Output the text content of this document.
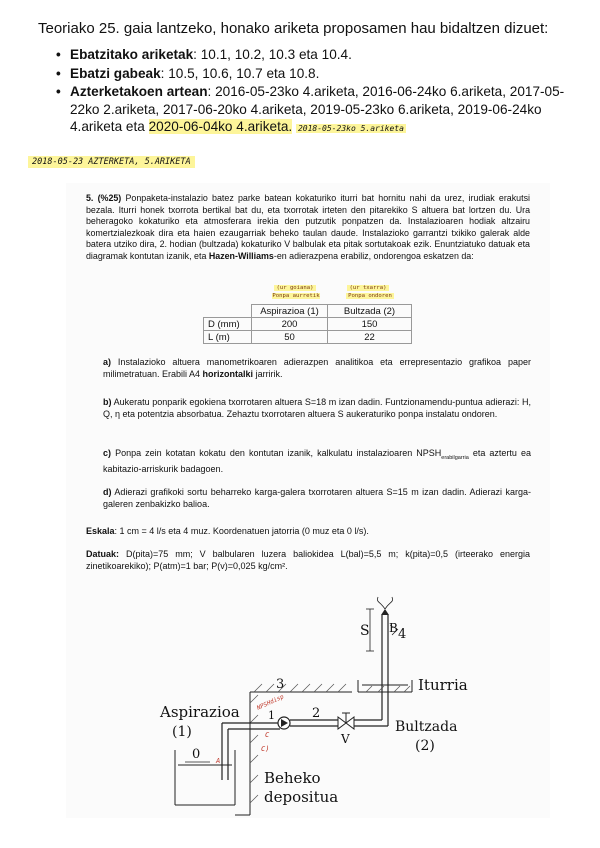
Teoriako 25. gaia lantzeko, honako ariketa proposamen hau bidaltzen dizuet:
• Ebatzitako ariketak: 10.1, 10.2, 10.3 eta 10.4.
• Ebatzi gabeak: 10.5, 10.6, 10.7 eta 10.8.
• Azterketakoen artean: 2016-05-23ko 4.ariketa, 2016-06-24ko 6.ariketa, 2017-05-22ko 2.ariketa, 2017-06-20ko 4.ariketa, 2019-05-23ko 6.ariketa, 2019-06-24ko 4.ariketa eta 2020-06-04ko 4.ariketa. 2018-05-23ko 5.ariketa
2018-05-23 AZTERKETA, 5.ARIKETA
5. (%25) Ponpaketa-instalazio batez parke batean kokaturiko iturri bat hornitu nahi da urez, irudiak erakutsi bezala. Iturri honek txorrota bertikal bat du, eta txorrotak irteten den pitarekiko S altuera bat lortzen du. Ura beheragoko kokaturiko eta atmosferara irekia den putzutik ponpatzen da. Instalazioaren hodiak altzairu komertzialezkoak dira eta haien ezaugarriak beheko taulan daude. Instalazioko garrantzi txikiko galerak alde batera utziko dira, 2. hodian (bultzada) kokaturiko V balbulak eta pitak sortutakoak ezik. Enuntziatuko datuak eta diagramak kontutan izanik, eta Hazen-Williams-en adierazpena erabiliz, ondorengoa eskatzen da:
(ur goiana)
Ponpa aurretik
(ur txarra)
Ponpa ondoren
	Aspirazioa (1)	Bultzada (2)
D (mm)	200	150
L (m)	50	22
a) Instalazioko altuera manometrikoaren adierazpen analitikoa eta errepresentazio grafikoa paper milimetratuan. Erabili A4 horizontalki jarririk.
b) Aukeratu ponparik egokiena txorrotaren altuera S=18 m izan dadin. Funtzionamendu-puntua adierazi: H, Q, η eta potentzia absorbatua. Zehaztu txorrotaren altuera S aukeraturiko ponpa instalatu ondoren.
c) Ponpa zein kotatan kokatu den kontutan izanik, kalkulatu instalazioaren $NPSH_{erabilgarria}$ eta aztertu ea kabitazio-arriskurik badagoen.
d) Adierazi grafikoki sortu beharreko karga-galera txorrotaren altuera S=15 m izan dadin. Adierazi karga-galeren zenbakizko balioa.
Eskala: 1 cm = 4 l/s eta 4 muz. Koordenatuen jatorria (0 muz eta 0 l/s).
Datuak: D(pita)=75 mm; V balbularen luzera baliokidea L(bal)=5,5 m; k(pita)=0,5 (irteerako energia zinetikoarekiko); P(atm)=1 bar; P(v)=0,025 kg/cm².
Aspirazioa
(1)	Bultzada
(2)
Iturria
Beheko
depositua
S B 4
3
2
1
0
V
NPSHdisp
C
C)
A
